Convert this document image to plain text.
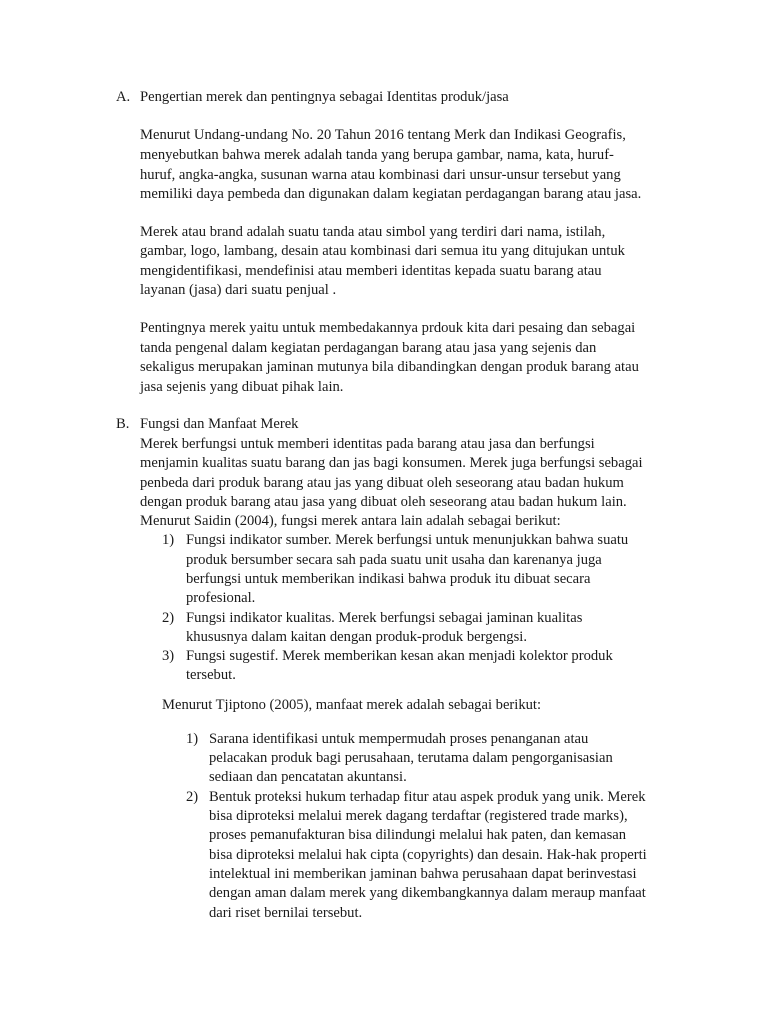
A. Pengertian merek dan pentingnya sebagai Identitas produk/jasa
Menurut Undang-undang No. 20 Tahun 2016 tentang Merk dan Indikasi Geografis,
menyebutkan bahwa merek adalah tanda yang berupa gambar, nama, kata, huruf-
huruf, angka-angka, susunan warna atau kombinasi dari unsur-unsur tersebut yang
memiliki daya pembeda dan digunakan dalam kegiatan perdagangan barang atau jasa.
Merek atau brand adalah suatu tanda atau simbol yang terdiri dari nama, istilah,
gambar, logo, lambang, desain atau kombinasi dari semua itu yang ditujukan untuk
mengidentifikasi, mendefinisi atau memberi identitas kepada suatu barang atau
layanan (jasa) dari suatu penjual .
Pentingnya merek yaitu untuk membedakannya prdouk kita dari pesaing dan sebagai
tanda pengenal dalam kegiatan perdagangan barang atau jasa yang sejenis dan
sekaligus merupakan jaminan mutunya bila dibandingkan dengan produk barang atau
jasa sejenis yang dibuat pihak lain.
B. Fungsi dan Manfaat Merek
Merek berfungsi untuk memberi identitas pada barang atau jasa dan berfungsi
menjamin kualitas suatu barang dan jas bagi konsumen. Merek juga berfungsi sebagai
penbeda dari produk barang atau jas yang dibuat oleh seseorang atau badan hukum
dengan produk barang atau jasa yang dibuat oleh seseorang atau badan hukum lain.
Menurut Saidin (2004), fungsi merek antara lain adalah sebagai berikut:
1) Fungsi indikator sumber. Merek berfungsi untuk menunjukkan bahwa suatu
produk bersumber secara sah pada suatu unit usaha dan karenanya juga
berfungsi untuk memberikan indikasi bahwa produk itu dibuat secara
profesional.
2) Fungsi indikator kualitas. Merek berfungsi sebagai jaminan kualitas
khususnya dalam kaitan dengan produk-produk bergengsi.
3) Fungsi sugestif. Merek memberikan kesan akan menjadi kolektor produk
tersebut.
Menurut Tjiptono (2005), manfaat merek adalah sebagai berikut:
1) Sarana identifikasi untuk mempermudah proses penanganan atau
pelacakan produk bagi perusahaan, terutama dalam pengorganisasian
sediaan dan pencatatan akuntansi.
2) Bentuk proteksi hukum terhadap fitur atau aspek produk yang unik. Merek
bisa diproteksi melalui merek dagang terdaftar (registered trade marks),
proses pemanufakturan bisa dilindungi melalui hak paten, dan kemasan
bisa diproteksi melalui hak cipta (copyrights) dan desain. Hak-hak properti
intelektual ini memberikan jaminan bahwa perusahaan dapat berinvestasi
dengan aman dalam merek yang dikembangkannya dalam meraup manfaat
dari riset bernilai tersebut.
